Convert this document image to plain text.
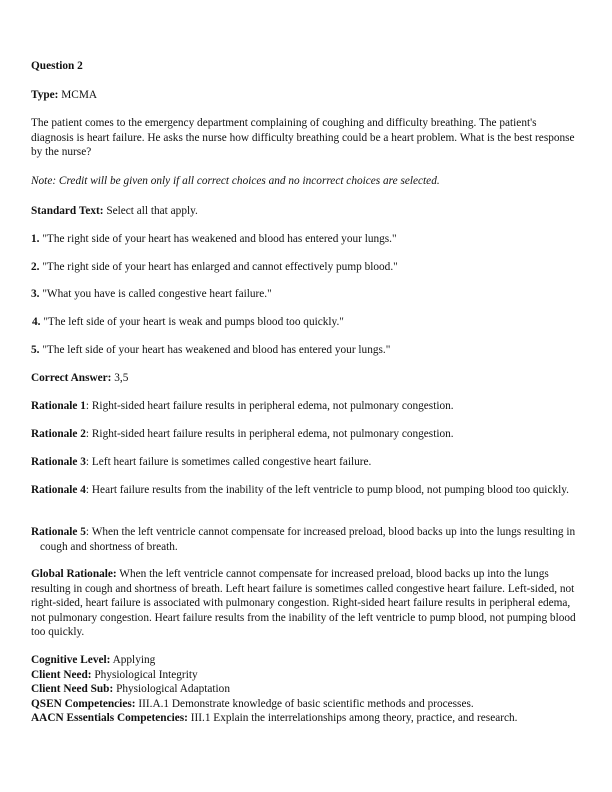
Question 2
Type: MCMA
The patient comes to the emergency department complaining of coughing and difficulty breathing. The patient's diagnosis is heart failure. He asks the nurse how difficulty breathing could be a heart problem. What is the best response by the nurse?
Note: Credit will be given only if all correct choices and no incorrect choices are selected.
Standard Text: Select all that apply.
1. "The right side of your heart has weakened and blood has entered your lungs."
2. "The right side of your heart has enlarged and cannot effectively pump blood."
3. "What you have is called congestive heart failure."
4. "The left side of your heart is weak and pumps blood too quickly."
5. "The left side of your heart has weakened and blood has entered your lungs."
Correct Answer: 3,5
Rationale 1: Right-sided heart failure results in peripheral edema, not pulmonary congestion.
Rationale 2: Right-sided heart failure results in peripheral edema, not pulmonary congestion.
Rationale 3: Left heart failure is sometimes called congestive heart failure.
Rationale 4: Heart failure results from the inability of the left ventricle to pump blood, not pumping blood too quickly.
Rationale 5: When the left ventricle cannot compensate for increased preload, blood backs up into the lungs resulting in cough and shortness of breath.
Global Rationale: When the left ventricle cannot compensate for increased preload, blood backs up into the lungs resulting in cough and shortness of breath. Left heart failure is sometimes called congestive heart failure. Left-sided, not right-sided, heart failure is associated with pulmonary congestion. Right-sided heart failure results in peripheral edema, not pulmonary congestion. Heart failure results from the inability of the left ventricle to pump blood, not pumping blood too quickly.
Cognitive Level: Applying
Client Need: Physiological Integrity
Client Need Sub: Physiological Adaptation
QSEN Competencies: III.A.1 Demonstrate knowledge of basic scientific methods and processes.
AACN Essentials Competencies: III.1 Explain the interrelationships among theory, practice, and research.
